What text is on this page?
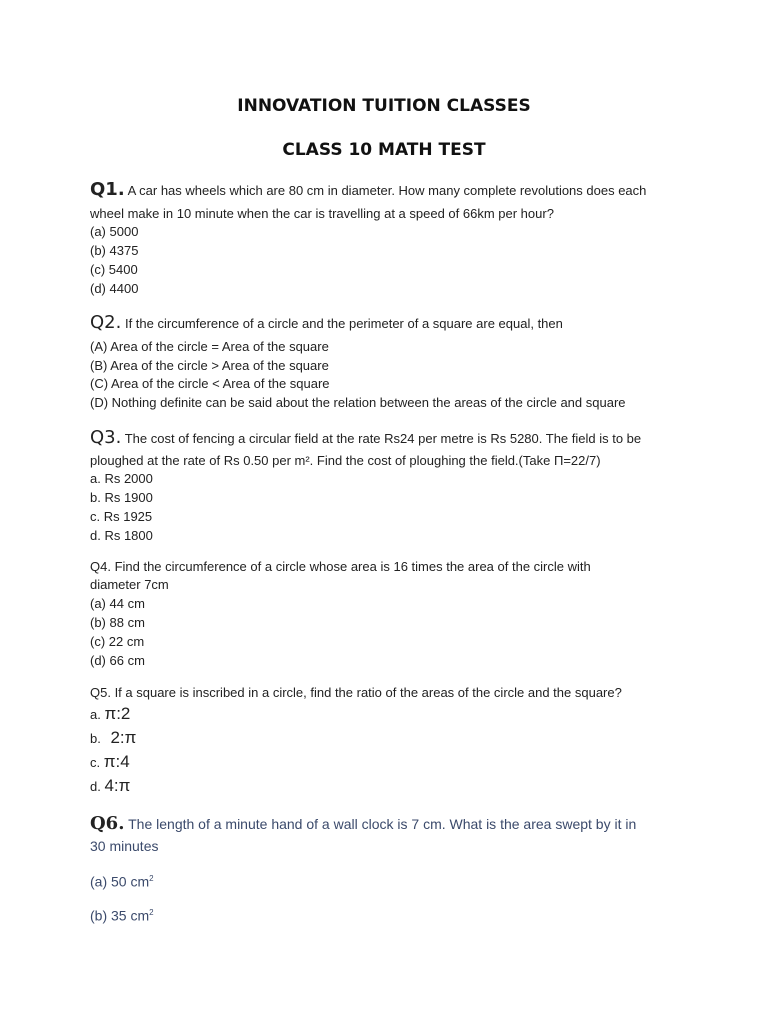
INNOVATION TUITION CLASSES
CLASS 10 MATH TEST
Q1. A car has wheels which are 80 cm in diameter. How many complete revolutions does each
wheel make in 10 minute when the car is travelling at a speed of 66km per hour?
(a) 5000
(b) 4375
(c) 5400
(d) 4400
Q2. If the circumference of a circle and the perimeter of a square are equal, then
(A) Area of the circle = Area of the square
(B) Area of the circle > Area of the square
(C) Area of the circle < Area of the square
(D) Nothing definite can be said about the relation between the areas of the circle and square
Q3. The cost of fencing a circular field at the rate Rs24 per metre is Rs 5280. The field is to be
ploughed at the rate of Rs 0.50 per m². Find the cost of ploughing the field.(Take Π=22/7)
a. Rs 2000
b. Rs 1900
c. Rs 1925
d. Rs 1800
Q4. Find the circumference of a circle whose area is 16 times the area of the circle with
diameter 7cm
(a) 44 cm
(b) 88 cm
(c) 22 cm
(d) 66 cm
Q5. If a square is inscribed in a circle, find the ratio of the areas of the circle and the square?
a. π:2
b. 2:π
c. π:4
d. 4:π
Q6. The length of a minute hand of a wall clock is 7 cm. What is the area swept by it in
30 minutes
(a) 50 $cm^2$
(b) 35 $cm^2$
